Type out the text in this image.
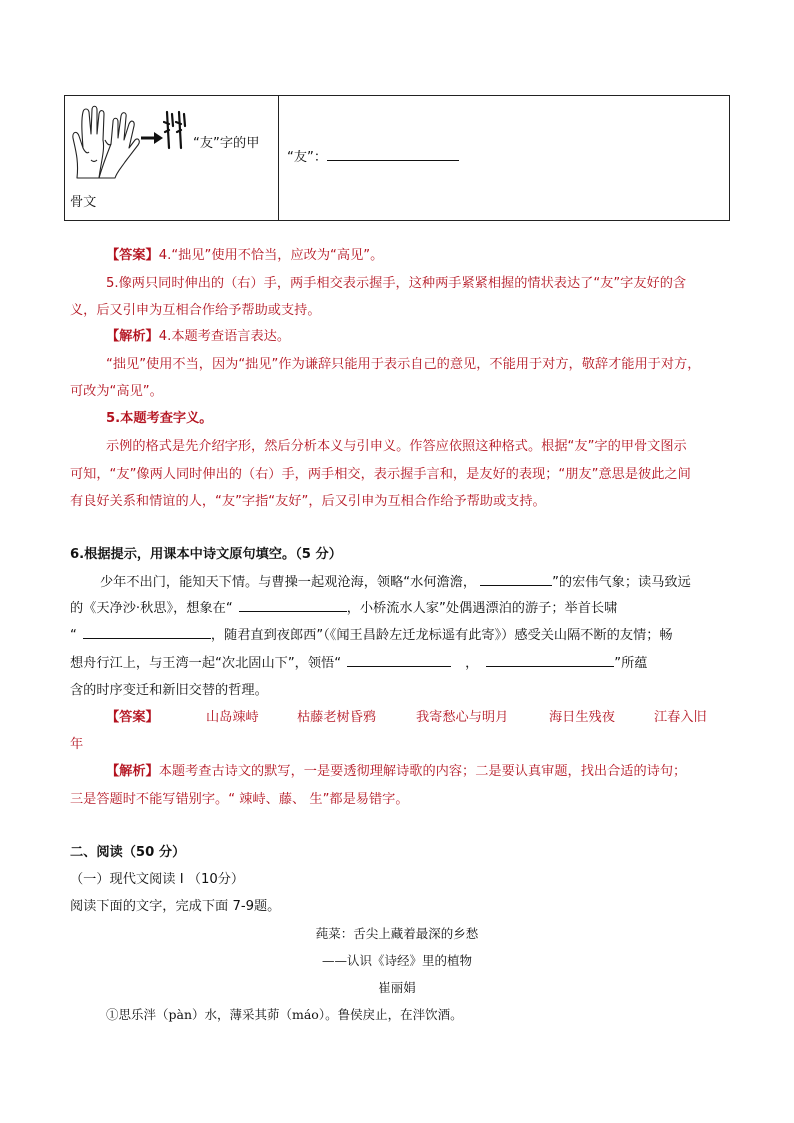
“友”字的甲
骨文
“友”：
【答案】4.“拙见”使用不恰当，应改为“高见”。
5.像两只同时伸出的（右）手，两手相交表示握手，这种两手紧紧相握的情状表达了“友”字友好的含
义，后又引申为互相合作给予帮助或支持。
【解析】4.本题考查语言表达。
“拙见”使用不当，因为“拙见”作为谦辞只能用于表示自己的意见，不能用于对方，敬辞才能用于对方，
可改为“高见”。
5.本题考查字义。
示例的格式是先介绍字形，然后分析本义与引申义。作答应依照这种格式。根据“友”字的甲骨文图示
可知，“友”像两人同时伸出的（右）手，两手相交，表示握手言和，是友好的表现；“朋友”意思是彼此之间
有良好关系和情谊的人，“友”字指“友好”，后又引申为互相合作给予帮助或支持。
6.根据提示，用课本中诗文原句填空。（5 分）
少年不出门，能知天下情。与曹操一起观沧海，领略“水何澹澹，	”的宏伟气象；读马致远
的《天净沙·秋思》，想象在“	，小桥流水人家”处偶遇漂泊的游子；举首长啸
“	，随君直到夜郎西”（《闻王昌龄左迁龙标遥有此寄》）感受关山隔不断的友情；畅
想舟行江上，与王湾一起“次北固山下”，领悟“	，	”所蕴
含的时序变迁和新旧交替的哲理。
【答案】	山岛竦峙	枯藤老树昏鸦	我寄愁心与明月	海日生残夜	江春入旧
年
【解析】本题考查古诗文的默写，一是要透彻理解诗歌的内容；二是要认真审题，找出合适的诗句；
三是答题时不能写错别字。“ 竦峙、藤、 生”都是易错字。
二、阅读（50 分）
（一）现代文阅读 I （10分）
阅读下面的文字，完成下面 7-9题。
莼菜：舌尖上藏着最深的乡愁
——认识《诗经》里的植物
崔丽娟
①思乐泮（pàn）水，薄采其茆（máo）。鲁侯戾止，在泮饮酒。
